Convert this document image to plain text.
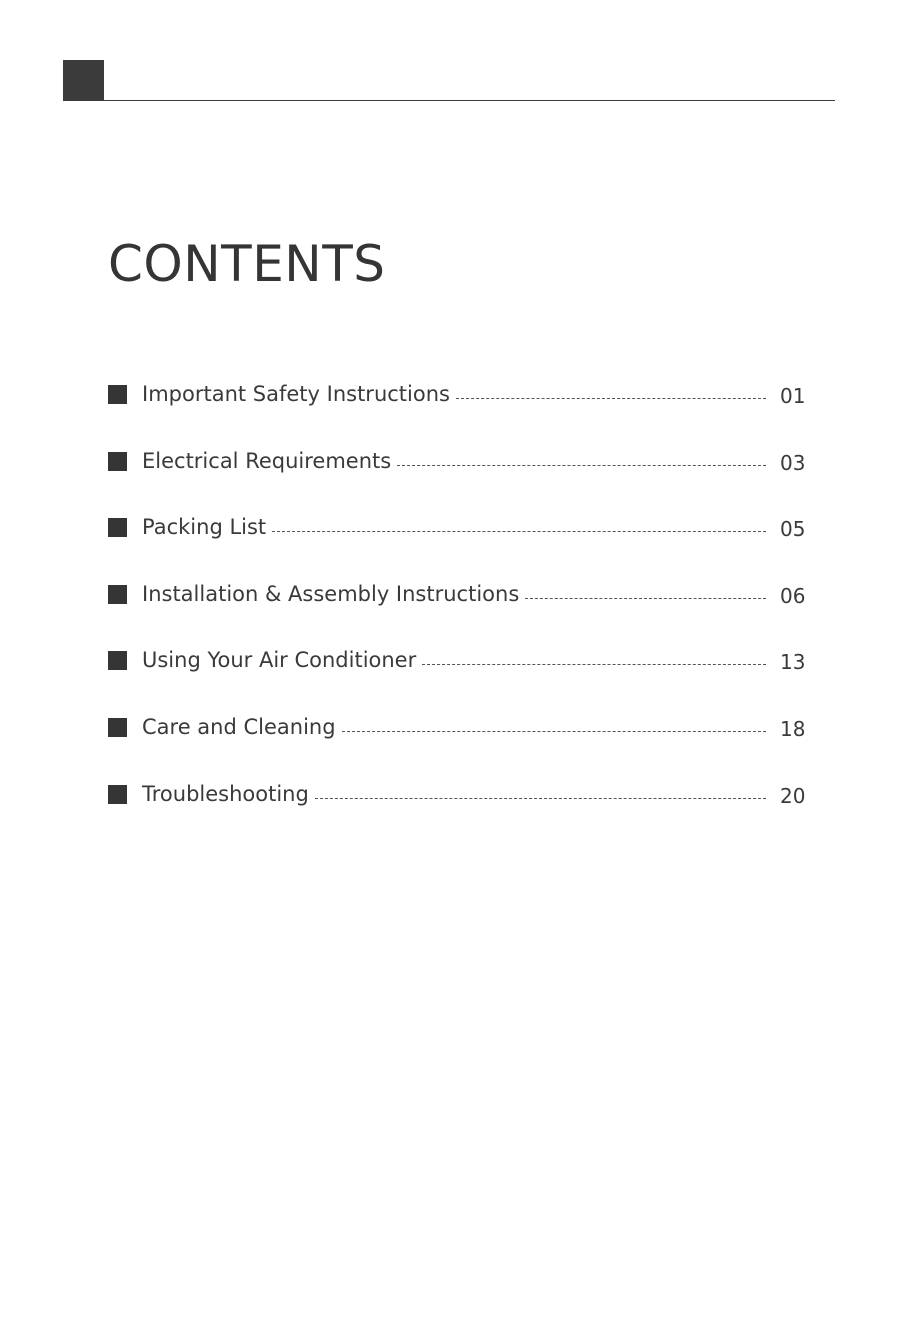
CONTENTS
Important Safety Instructions	01
Electrical Requirements	03
Packing List	05
Installation & Assembly Instructions	06
Using Your Air Conditioner	13
Care and Cleaning	18
Troubleshooting	20
